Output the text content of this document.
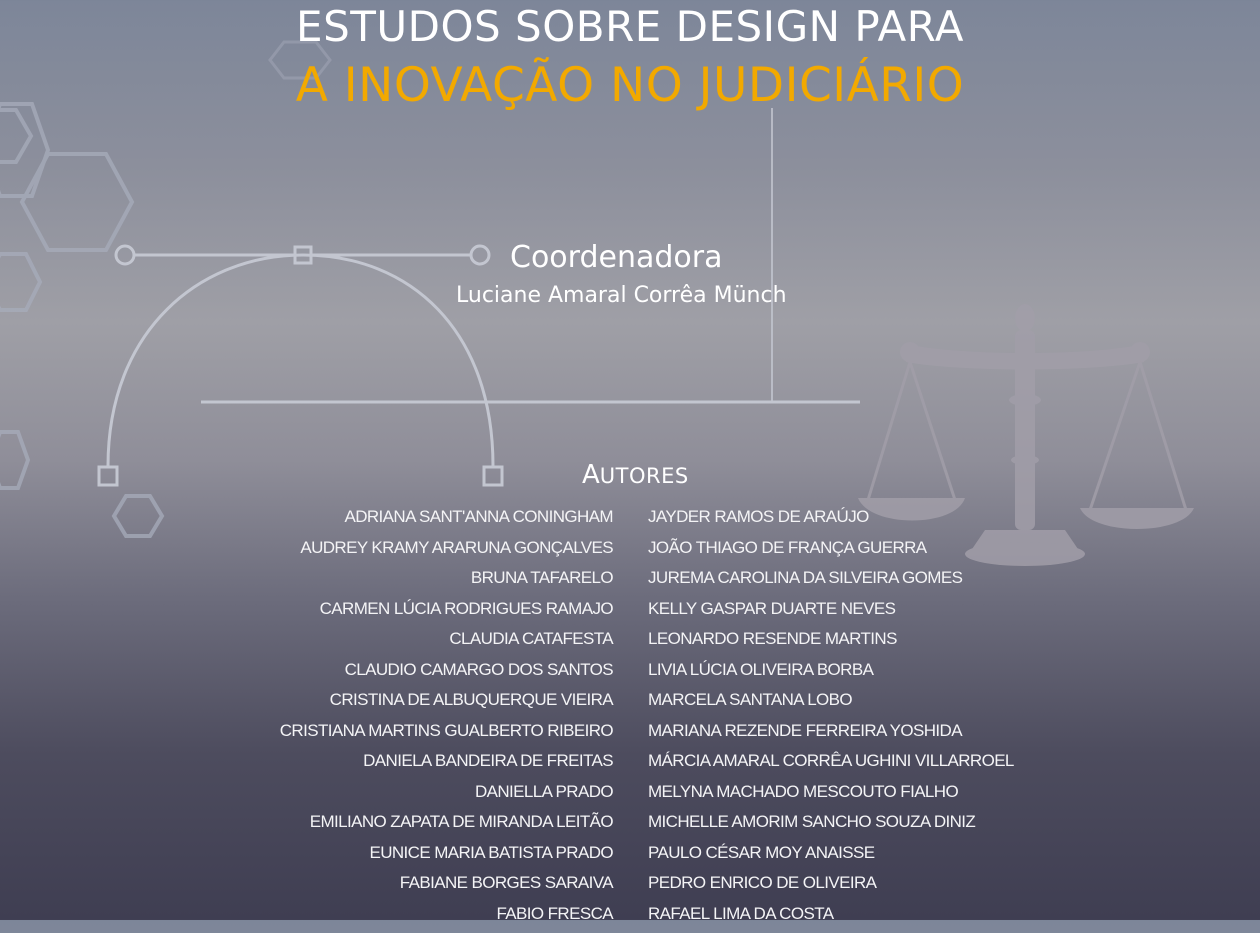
ESTUDOS SOBRE DESIGN PARA
A INOVAÇÃO NO JUDICIÁRIO
Coordenadora
Luciane Amaral Corrêa Münch
AUTORES
ADRIANA SANT'ANNA CONINGHAM
AUDREY KRAMY ARARUNA GONÇALVES
BRUNA TAFARELO
CARMEN LÚCIA RODRIGUES RAMAJO
CLAUDIA CATAFESTA
CLAUDIO CAMARGO DOS SANTOS
CRISTINA DE ALBUQUERQUE VIEIRA
CRISTIANA MARTINS GUALBERTO RIBEIRO
DANIELA BANDEIRA DE FREITAS
DANIELLA PRADO
EMILIANO ZAPATA DE MIRANDA LEITÃO
EUNICE MARIA BATISTA PRADO
FABIANE BORGES SARAIVA
FABIO FRESCA
JAYDER RAMOS DE ARAÚJO
JOÃO THIAGO DE FRANÇA GUERRA
JUREMA CAROLINA DA SILVEIRA GOMES
KELLY GASPAR DUARTE NEVES
LEONARDO RESENDE MARTINS
LIVIA LÚCIA OLIVEIRA BORBA
MARCELA SANTANA LOBO
MARIANA REZENDE FERREIRA YOSHIDA
MÁRCIA AMARAL CORRÊA UGHINI VILLARROEL
MELYNA MACHADO MESCOUTO FIALHO
MICHELLE AMORIM SANCHO SOUZA DINIZ
PAULO CÉSAR MOY ANAISSE
PEDRO ENRICO DE OLIVEIRA
RAFAEL LIMA DA COSTA
